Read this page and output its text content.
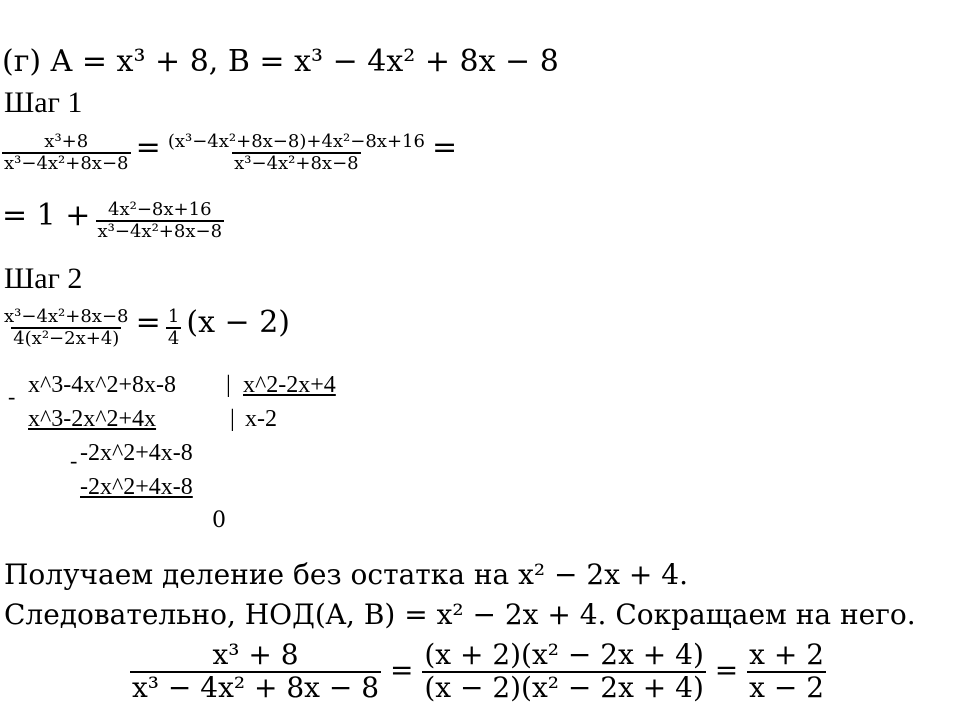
(г) A = x³ + 8, B = x³ − 4x² + 8x − 8
Шаг 1
$\frac{\text{x³+8}}{\text{x³−4x²+8x−8}} = \frac{\text{(x³−4x²+8x−8)+4x²−8x+16}}{\text{x³−4x²+8x−8}}$ =
= $1 + \frac{\text{4x²−8x+16}}{\text{x³−4x²+8x−8}}$
Шаг 2
$\frac{\text{x³−4x²+8x−8}}{\text{4(x²−2x+4)}} = \frac{1}{4} (x - 2)$
- x^3-4x^2+8x-8 | x^2-2x+4
x^3-2x^2+4x	| x-2
- -2x^2+4x-8
-2x^2+4x-8
0
Получаем деление без остатка на x² − 2x + 4.
Следовательно, НОД(A, B) = x² − 2x + 4. Сокращаем на него.
$\frac{\text{x³ + 8}}{\text{x³ − 4x² + 8x − 8}} = \frac{\text{(x + 2)(x² − 2x + 4)}}{\text{(x − 2)(x² − 2x + 4)}} = \frac{x + 2}{x - 2}$
